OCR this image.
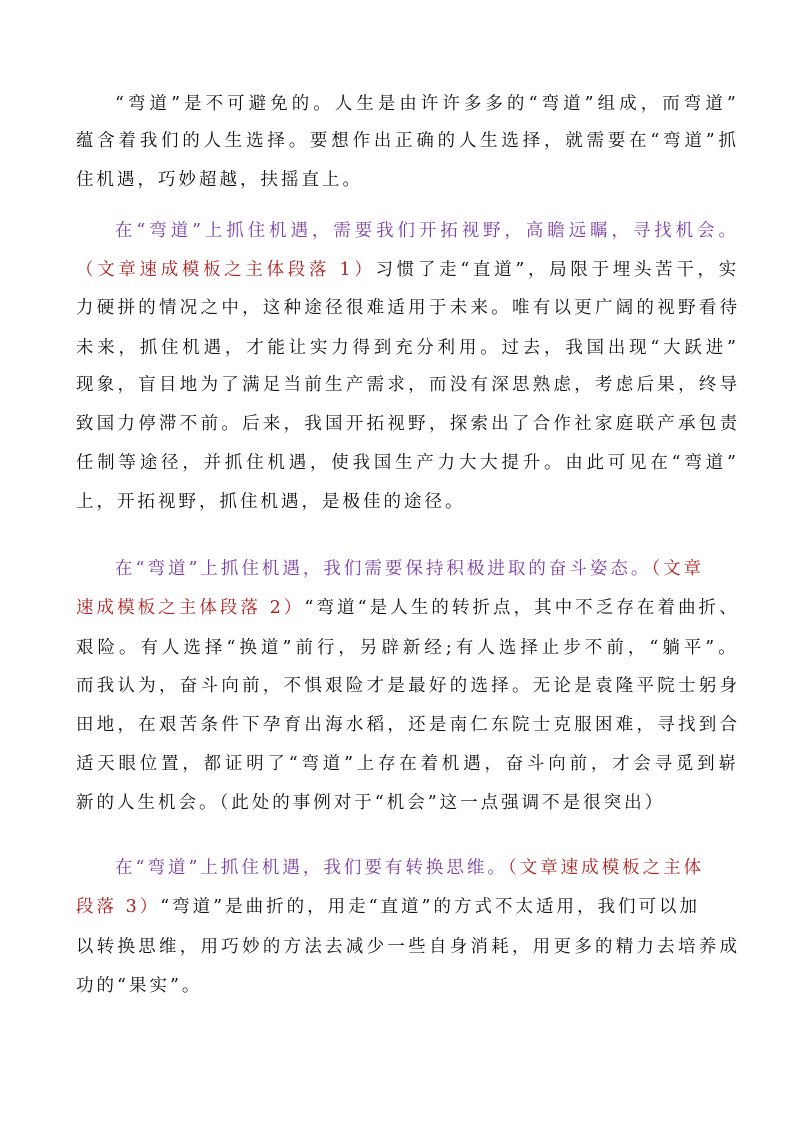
“弯道”是不可避免的。人生是由许许多多的“弯道”组成，而弯道”
蕴含着我们的人生选择。要想作出正确的人生选择，就需要在“弯道”抓
住机遇，巧妙超越，扶摇直上。
在“弯道”上抓住机遇，需要我们开拓视野，高瞻远瞩，寻找机会。
（文章速成模板之主体段落 1）习惯了走“直道”，局限于埋头苦干，实
力硬拼的情况之中，这种途径很难适用于未来。唯有以更广阔的视野看待
未来，抓住机遇，才能让实力得到充分利用。过去，我国出现“大跃进”
现象，盲目地为了满足当前生产需求，而没有深思熟虑，考虑后果，终导
致国力停滞不前。后来，我国开拓视野，探索出了合作社家庭联产承包责
任制等途径，并抓住机遇，使我国生产力大大提升。由此可见在“弯道”
上，开拓视野，抓住机遇，是极佳的途径。
在“弯道”上抓住机遇，我们需要保持积极进取的奋斗姿态。（文章
速成模板之主体段落 2）“弯道“是人生的转折点，其中不乏存在着曲折、
艰险。有人选择“换道”前行，另辟新经;有人选择止步不前，“躺平”。
而我认为，奋斗向前，不惧艰险才是最好的选择。无论是袁隆平院士躬身
田地，在艰苦条件下孕育出海水稻，还是南仁东院士克服困难，寻找到合
适天眼位置，都证明了“弯道”上存在着机遇，奋斗向前，才会寻觅到崭
新的人生机会。（此处的事例对于“机会”这一点强调不是很突出）
在“弯道”上抓住机遇，我们要有转换思维。（文章速成模板之主体
段落 3）“弯道”是曲折的，用走“直道”的方式不太适用，我们可以加
以转换思维，用巧妙的方法去减少一些自身消耗，用更多的精力去培养成
功的“果实”。
